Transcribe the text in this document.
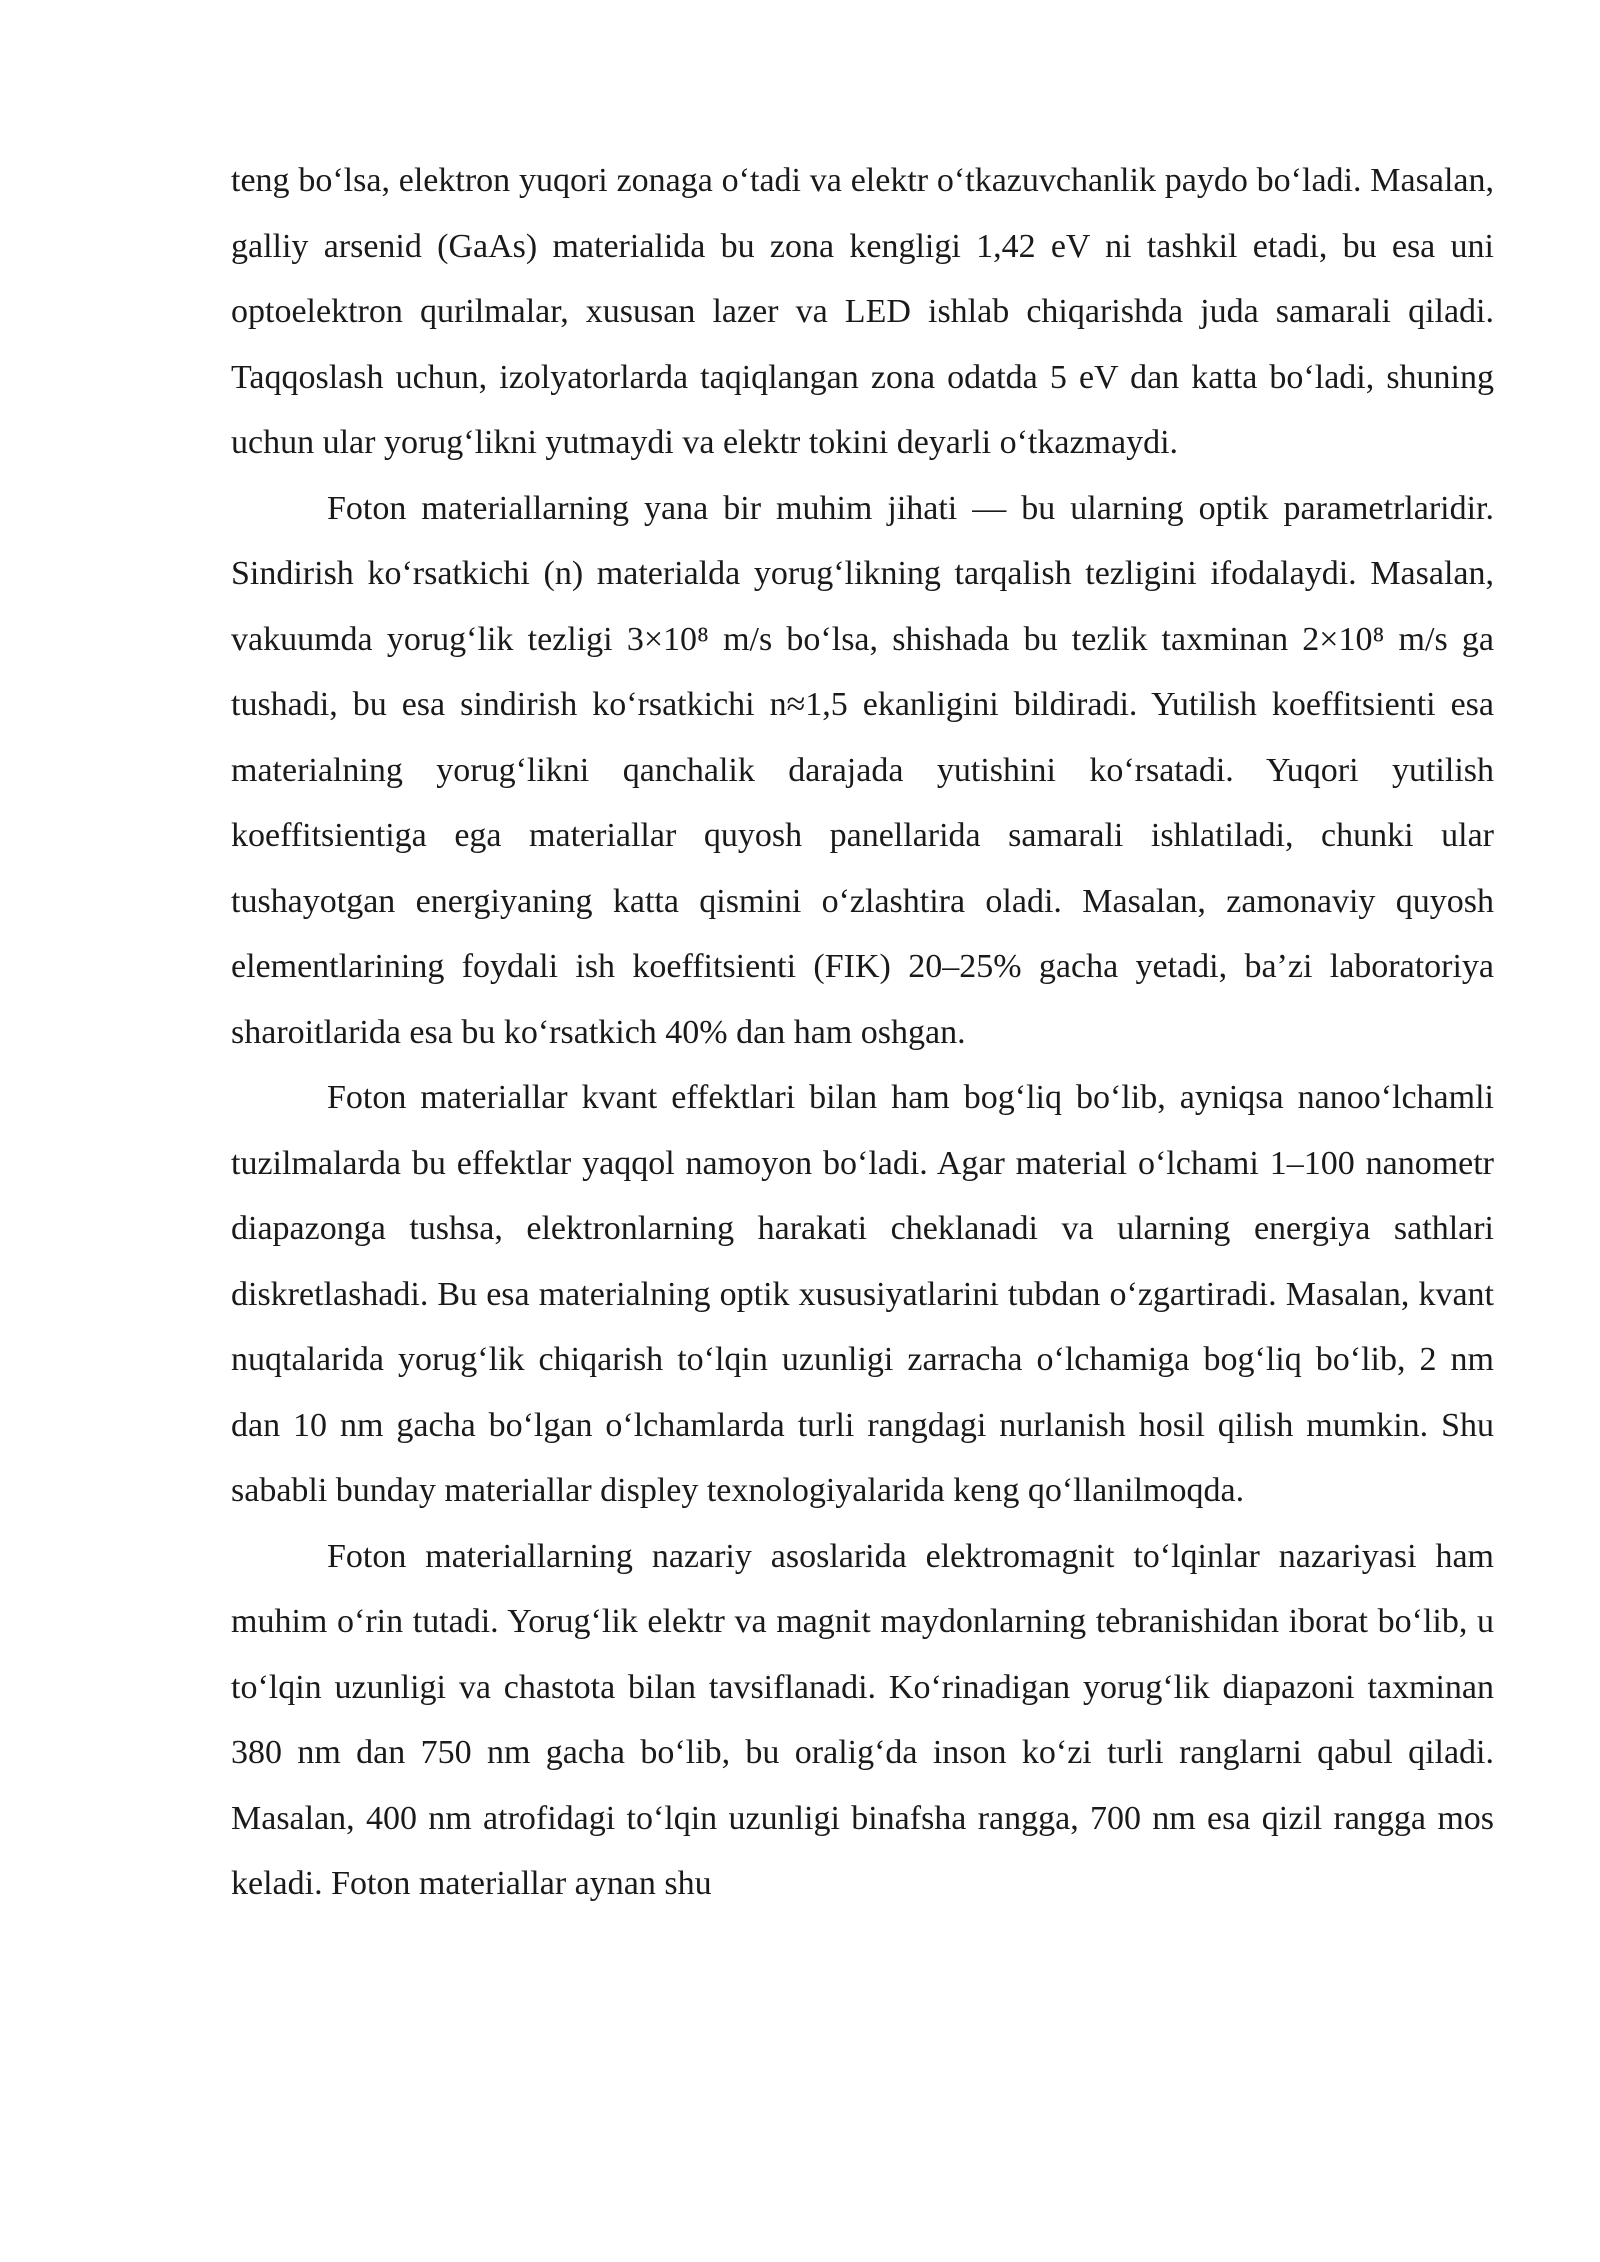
teng bo‘lsa, elektron yuqori zonaga o‘tadi va elektr o‘tkazuvchanlik paydo bo‘ladi. Masalan, galliy arsenid (GaAs) materialida bu zona kengligi 1,42 eV ni tashkil etadi, bu esa uni optoelektron qurilmalar, xususan lazer va LED ishlab chiqarishda juda samarali qiladi. Taqqoslash uchun, izolyatorlarda taqiqlangan zona odatda 5 eV dan katta bo‘ladi, shuning uchun ular yorug‘likni yutmaydi va elektr tokini deyarli o‘tkazmaydi.

Foton materiallarning yana bir muhim jihati — bu ularning optik parametrlaridir. Sindirish ko‘rsatkichi (n) materialda yorug‘likning tarqalish tezligini ifodalaydi. Masalan, vakuumda yorug‘lik tezligi 3×10⁸ m/s bo‘lsa, shishada bu tezlik taxminan 2×10⁸ m/s ga tushadi, bu esa sindirish ko‘rsatkichi n≈1,5 ekanligini bildiradi. Yutilish koeffitsienti esa materialning yorug‘likni qanchalik darajada yutishini ko‘rsatadi. Yuqori yutilish koeffitsientiga ega materiallar quyosh panellarida samarali ishlatiladi, chunki ular tushayotgan energiyaning katta qismini o‘zlashtira oladi. Masalan, zamonaviy quyosh elementlarining foydali ish koeffitsienti (FIK) 20–25% gacha yetadi, ba’zi laboratoriya sharoitlarida esa bu ko‘rsatkich 40% dan ham oshgan.

Foton materiallar kvant effektlari bilan ham bog‘liq bo‘lib, ayniqsa nanoo‘lchamli tuzilmalarda bu effektlar yaqqol namoyon bo‘ladi. Agar material o‘lchami 1–100 nanometr diapazonga tushsa, elektronlarning harakati cheklanadi va ularning energiya sathlari diskretlashadi. Bu esa materialning optik xususiyatlarini tubdan o‘zgartiradi. Masalan, kvant nuqtalarida yorug‘lik chiqarish to‘lqin uzunligi zarracha o‘lchamiga bog‘liq bo‘lib, 2 nm dan 10 nm gacha bo‘lgan o‘lchamlarda turli rangdagi nurlanish hosil qilish mumkin. Shu sababli bunday materiallar displey texnologiyalarida keng qo‘llanilmoqda.

Foton materiallarning nazariy asoslarida elektromagnit to‘lqinlar nazariyasi ham muhim o‘rin tutadi. Yorug‘lik elektr va magnit maydonlarning tebranishidan iborat bo‘lib, u to‘lqin uzunligi va chastota bilan tavsiflanadi. Ko‘rinadigan yorug‘lik diapazoni taxminan 380 nm dan 750 nm gacha bo‘lib, bu oralig‘da inson ko‘zi turli ranglarni qabul qiladi. Masalan, 400 nm atrofidagi to‘lqin uzunligi binafsha rangga, 700 nm esa qizil rangga mos keladi. Foton materiallar aynan shu
